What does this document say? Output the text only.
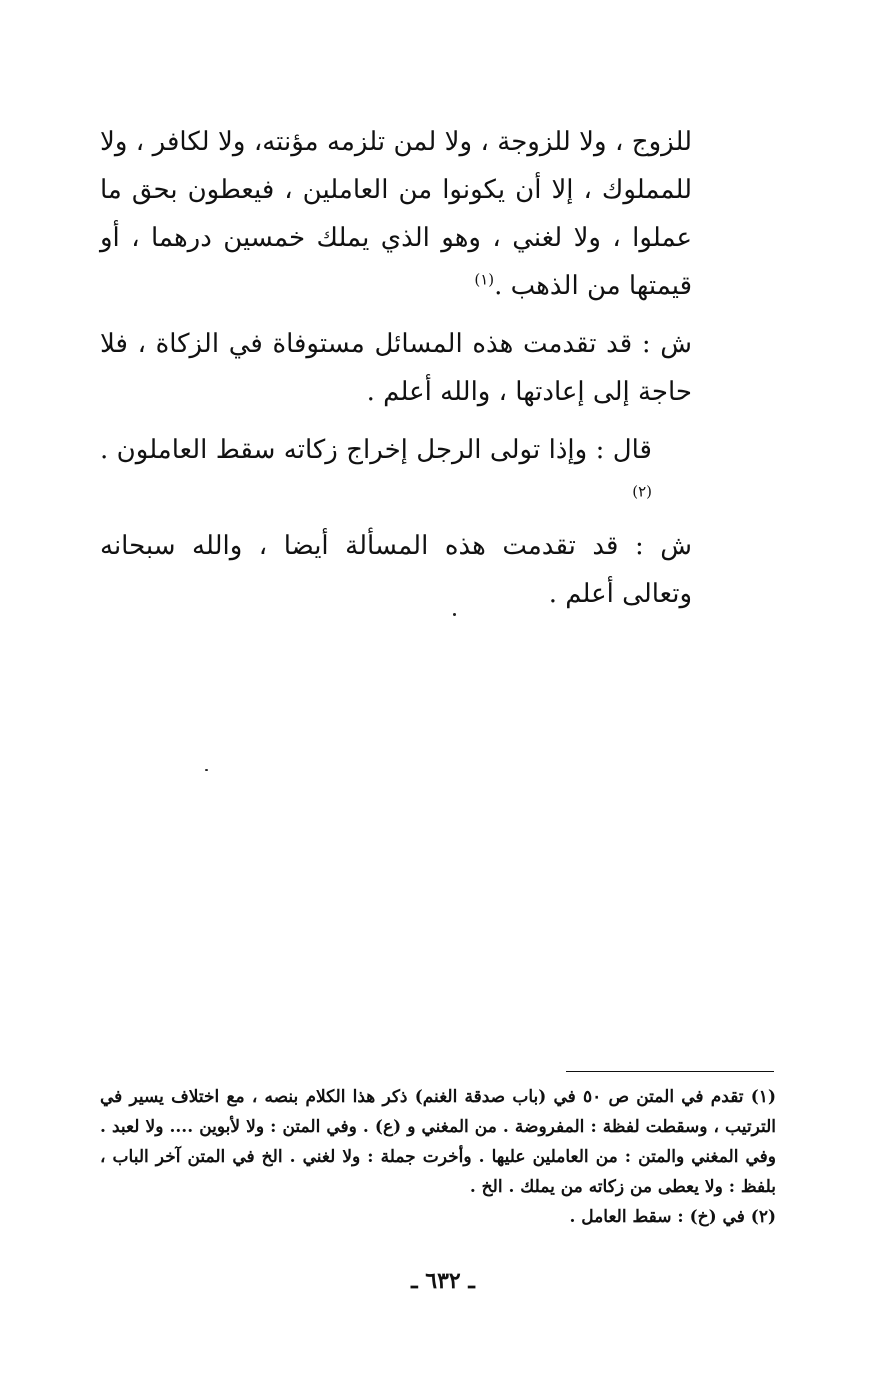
للزوج ، ولا للزوجة ، ولا لمن تلزمه مؤنته، ولا لكافر ، ولا للمملوك ، إلا أن يكونوا من العاملين ، فيعطون بحق ما عملوا ، ولا لغني ، وهو الذي يملك خمسين درهما ، أو قيمتها من الذهب .$^{(١)}$

ش : قد تقدمت هذه المسائل مستوفاة في الزكاة ، فلا حاجة إلى إعادتها ، والله أعلم .

قال : وإذا تولى الرجل إخراج زكاته سقط العاملون .$^{(٢)}$

ش : قد تقدمت هذه المسألة أيضا ، والله سبحانه وتعالى أعلم .

(١) تقدم في المتن ص ٥٠ في (باب صدقة الغنم) ذكر هذا الكلام بنصه ، مع اختلاف يسير في الترتيب ، وسقطت لفظة : المفروضة . من المغني و (ع) . وفي المتن : ولا لأبوين .... ولا لعبد . وفي المغني والمتن : من العاملين عليها . وأخرت جملة : ولا لغني . الخ في المتن آخر الباب ، بلفظ : ولا يعطى من زكاته من يملك . الخ .

(٢) في (خ) : سقط العامل .

ـ ٦٣٢ ـ
